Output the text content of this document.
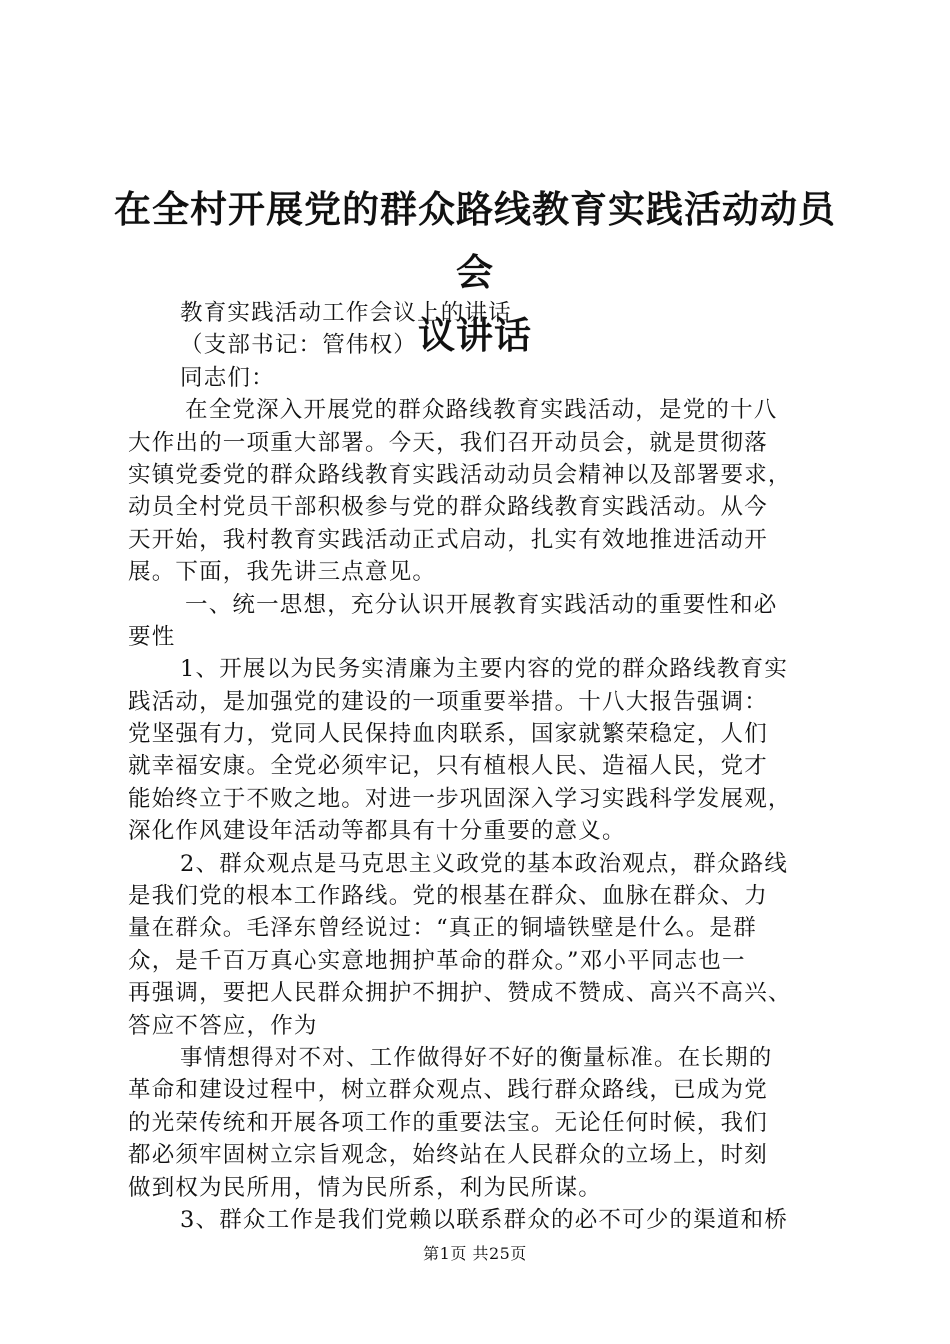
在全村开展党的群众路线教育实践活动动员会
议讲话
教育实践活动工作会议上的讲话
（支部书记：管伟权）
同志们：
在全党深入开展党的群众路线教育实践活动，是党的十八
大作出的一项重大部署。今天，我们召开动员会，就是贯彻落
实镇党委党的群众路线教育实践活动动员会精神以及部署要求，
动员全村党员干部积极参与党的群众路线教育实践活动。从今
天开始，我村教育实践活动正式启动，扎实有效地推进活动开
展。下面，我先讲三点意见。
一、统一思想，充分认识开展教育实践活动的重要性和必
要性
1、开展以为民务实清廉为主要内容的党的群众路线教育实
践活动，是加强党的建设的一项重要举措。十八大报告强调：
党坚强有力，党同人民保持血肉联系，国家就繁荣稳定，人们
就幸福安康。全党必须牢记，只有植根人民、造福人民，党才
能始终立于不败之地。对进一步巩固深入学习实践科学发展观，
深化作风建设年活动等都具有十分重要的意义。
2、群众观点是马克思主义政党的基本政治观点，群众路线
是我们党的根本工作路线。党的根基在群众、血脉在群众、力
量在群众。毛泽东曾经说过：“真正的铜墙铁壁是什么。是群
众，是千百万真心实意地拥护革命的群众。”邓小平同志也一
再强调，要把人民群众拥护不拥护、赞成不赞成、高兴不高兴、
答应不答应，作为
事情想得对不对、工作做得好不好的衡量标准。在长期的
革命和建设过程中，树立群众观点、践行群众路线，已成为党
的光荣传统和开展各项工作的重要法宝。无论任何时候，我们
都必须牢固树立宗旨观念，始终站在人民群众的立场上，时刻
做到权为民所用，情为民所系，利为民所谋。
3、群众工作是我们党赖以联系群众的必不可少的渠道和桥
第1页 共25页
